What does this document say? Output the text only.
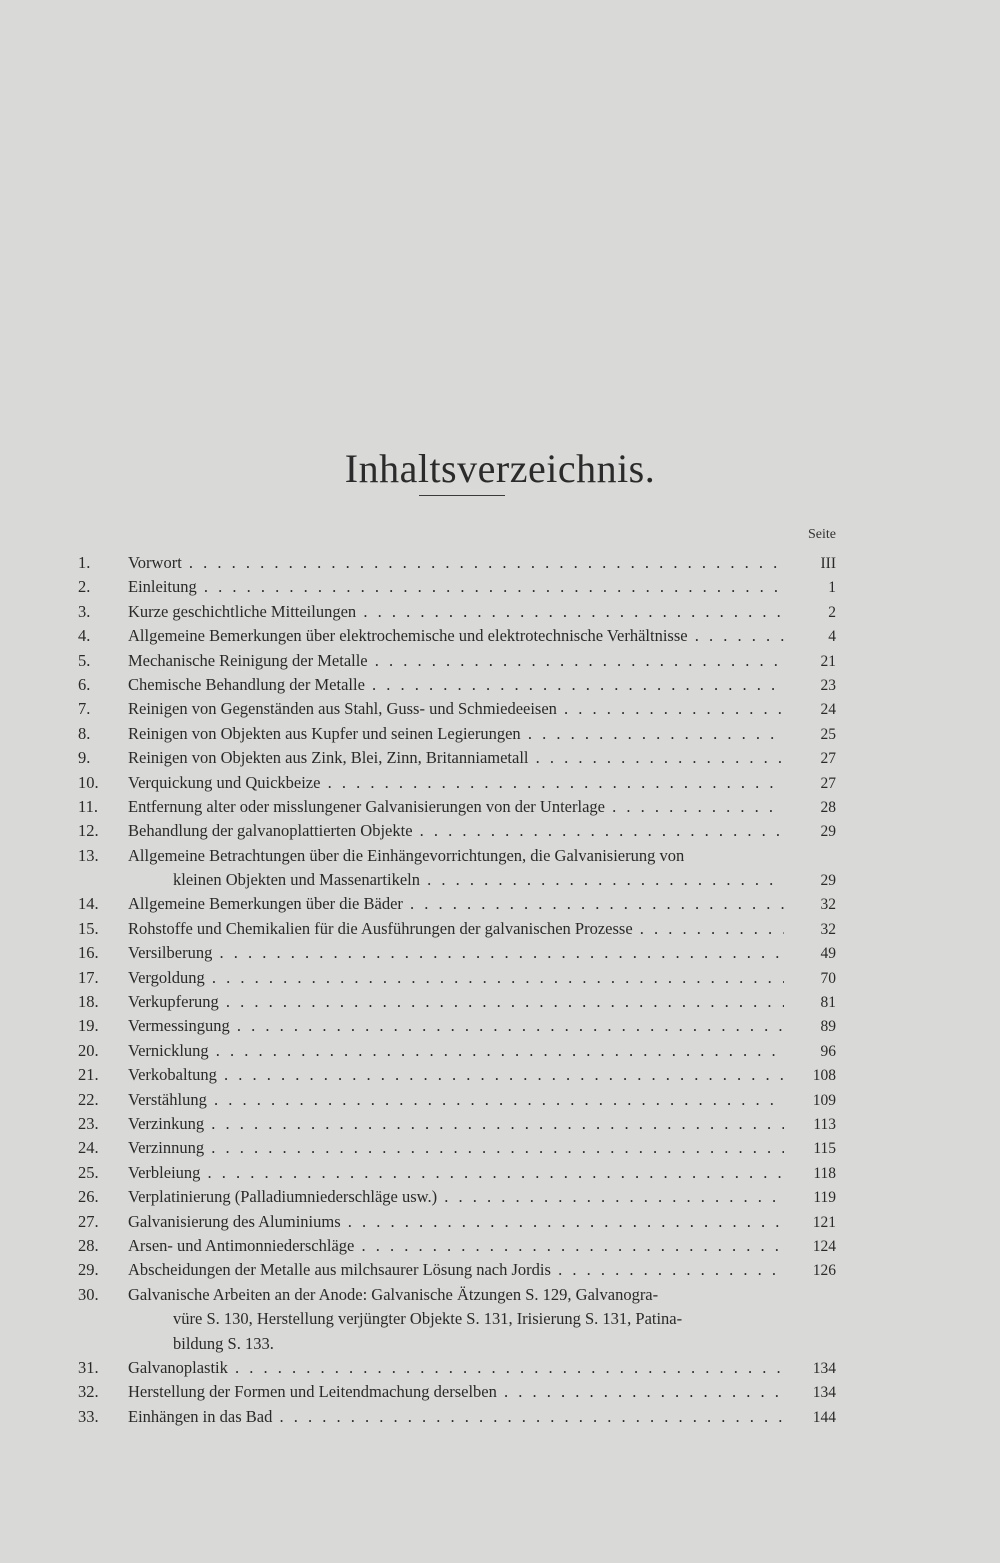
Inhaltsverzeichnis.
Seite
1.	Vorwort . . .	III
2.	Einleitung . . .	1
3.	Kurze geschichtliche Mitteilungen . . .	2
4.	Allgemeine Bemerkungen über elektrochemische und elektrotechnische Verhältnisse . . .	4
5.	Mechanische Reinigung der Metalle . . .	21
6.	Chemische Behandlung der Metalle . . .	23
7.	Reinigen von Gegenständen aus Stahl, Guss- und Schmiedeeisen . . .	24
8.	Reinigen von Objekten aus Kupfer und seinen Legierungen . . .	25
9.	Reinigen von Objekten aus Zink, Blei, Zinn, Britanniametall . . .	27
10.	Verquickung und Quickbeize . . .	27
11.	Entfernung alter oder misslungener Galvanisierungen von der Unterlage . . .	28
12.	Behandlung der galvanoplattierten Objekte . . .	29
13.	Allgemeine Betrachtungen über die Einhängevorrichtungen, die Galvanisierung von
kleinen Objekten und Massenartikeln . . .	29
14.	Allgemeine Bemerkungen über die Bäder . . .	32
15.	Rohstoffe und Chemikalien für die Ausführungen der galvanischen Prozesse . . .	32
16.	Versilberung . . .	49
17.	Vergoldung . . .	70
18.	Verkupferung . . .	81
19.	Vermessingung . . .	89
20.	Vernicklung . . .	96
21.	Verkobaltung . . .	108
22.	Verstählung . . .	109
23.	Verzinkung . . .	113
24.	Verzinnung . . .	115
25.	Verbleiung . . .	118
26.	Verplatinierung (Palladiumniederschläge usw.) . . .	119
27.	Galvanisierung des Aluminiums . . .	121
28.	Arsen- und Antimonniederschläge . . .	124
29.	Abscheidungen der Metalle aus milchsaurer Lösung nach Jordis . . .	126
30.	Galvanische Arbeiten an der Anode: Galvanische Ätzungen S. 129, Galvanogra-
vüre S. 130, Herstellung verjüngter Objekte S. 131, Irisierung S. 131, Patina-
bildung S. 133.
31.	Galvanoplastik . . .	134
32.	Herstellung der Formen und Leitendmachung derselben . . .	134
33.	Einhängen in das Bad . . .	144
